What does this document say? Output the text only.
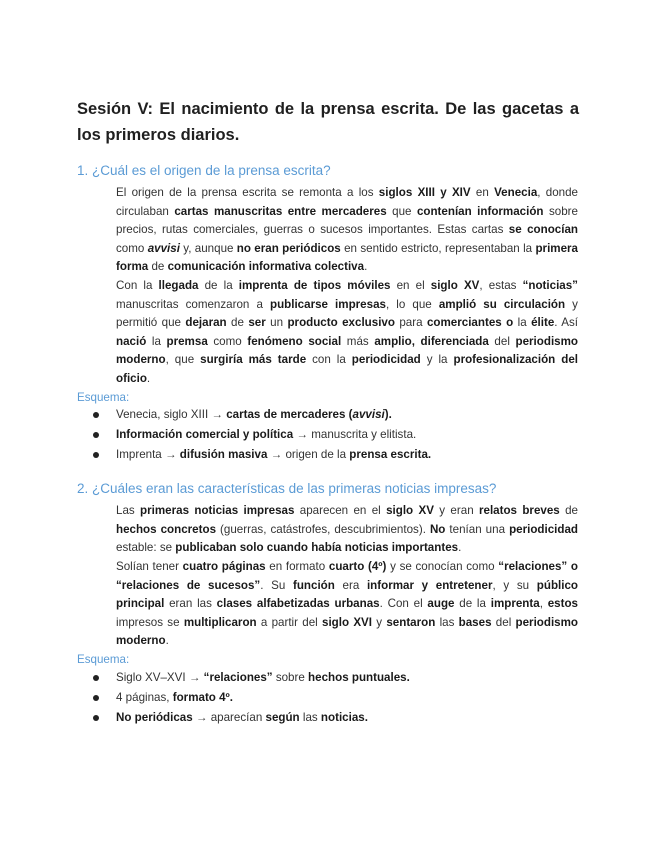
Sesión V: El nacimiento de la prensa escrita. De las gacetas a los primeros diarios.
1. ¿Cuál es el origen de la prensa escrita?

El origen de la prensa escrita se remonta a los siglos XIII y XIV en Venecia, donde circulaban cartas manuscritas entre mercaderes que contenían información sobre precios, rutas comerciales, guerras o sucesos importantes. Estas cartas se conocían como avvisi y, aunque no eran periódicos en sentido estricto, representaban la primera forma de comunicación informativa colectiva.

Con la llegada de la imprenta de tipos móviles en el siglo XV, estas “noticias” manuscritas comenzaron a publicarse impresas, lo que amplió su circulación y permitió que dejaran de ser un producto exclusivo para comerciantes o la élite. Así nació la premsa como fenómeno social más amplio, diferenciada del periodismo moderno, que surgiría más tarde con la periodicidad y la profesionalización del oficio.

Esquema:

Venecia, siglo XIII → cartas de mercaderes (avvisi).
Información comercial y política → manuscrita y elitista.
Imprenta → difusión masiva → origen de la prensa escrita.
2. ¿Cuáles eran las características de las primeras noticias impresas?

Las primeras noticias impresas aparecen en el siglo XV y eran relatos breves de hechos concretos (guerras, catástrofes, descubrimientos). No tenían una periodicidad estable: se publicaban solo cuando había noticias importantes.

Solían tener cuatro páginas en formato cuarto (4º) y se conocían como “relaciones” o “relaciones de sucesos”. Su función era informar y entretener, y su público principal eran las clases alfabetizadas urbanas. Con el auge de la imprenta, estos impresos se multiplicaron a partir del siglo XVI y sentaron las bases del periodismo moderno.

Esquema:

Siglo XV–XVI → “relaciones” sobre hechos puntuales.
4 páginas, formato 4º.
No periódicas → aparecían según las noticias.
